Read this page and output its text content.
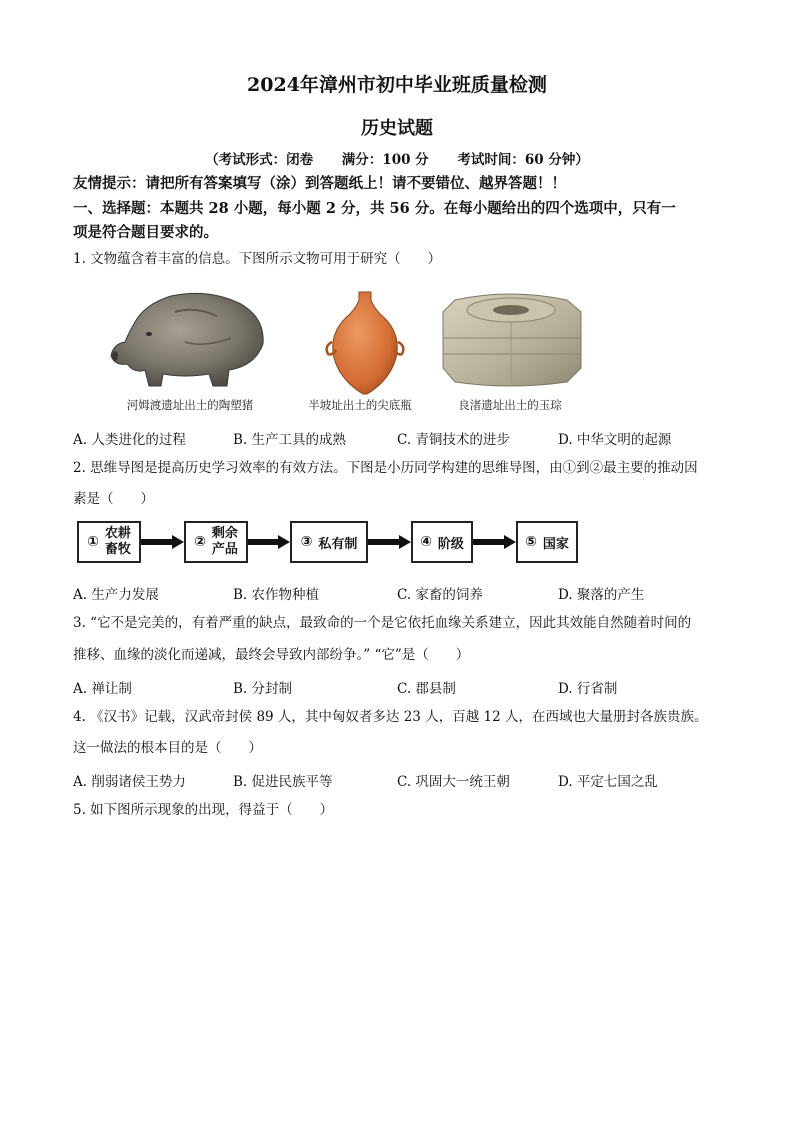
2024年漳州市初中毕业班质量检测
历史试题
（考试形式：闭卷 满分：100 分 考试时间：60 分钟）
友情提示：请把所有答案填写（涂）到答题纸上！请不要错位、越界答题！！
一、选择题：本题共 28 小题，每小题 2 分，共 56 分。在每小题给出的四个选项中，只有一
项是符合题目要求的。
1. 文物蕴含着丰富的信息。下图所示文物可用于研究（　　）
河姆渡遗址出土的陶塑猪	半坡址出土的尖底瓶	良渚遗址出土的玉琮
A. 人类进化的过程	B. 生产工具的成熟	C. 青铜技术的进步	D. 中华文明的起源
2. 思维导图是提高历史学习效率的有效方法。下图是小历同学构建的思维导图，由①到②最主要的推动因
素是（　　）
①
农耕
畜牧	②
剩余
产品	③ 私有制	④ 阶级	⑤ 国家
A. 生产力发展	B. 农作物种植	C. 家畜的饲养	D. 聚落的产生
3. “它不是完美的，有着严重的缺点，最致命的一个是它依托血缘关系建立，因此其效能自然随着时间的
推移、血缘的淡化而递减，最终会导致内部纷争。” “它”是（　　）
A. 禅让制	B. 分封制	C. 郡县制	D. 行省制
4. 《汉书》记载，汉武帝封侯 89 人，其中匈奴者多达 23 人，百越 12 人，在西域也大量册封各族贵族。
这一做法的根本目的是（　　）
A. 削弱诸侯王势力	B. 促进民族平等	C. 巩固大一统王朝	D. 平定七国之乱
5. 如下图所示现象的出现，得益于（　　）
